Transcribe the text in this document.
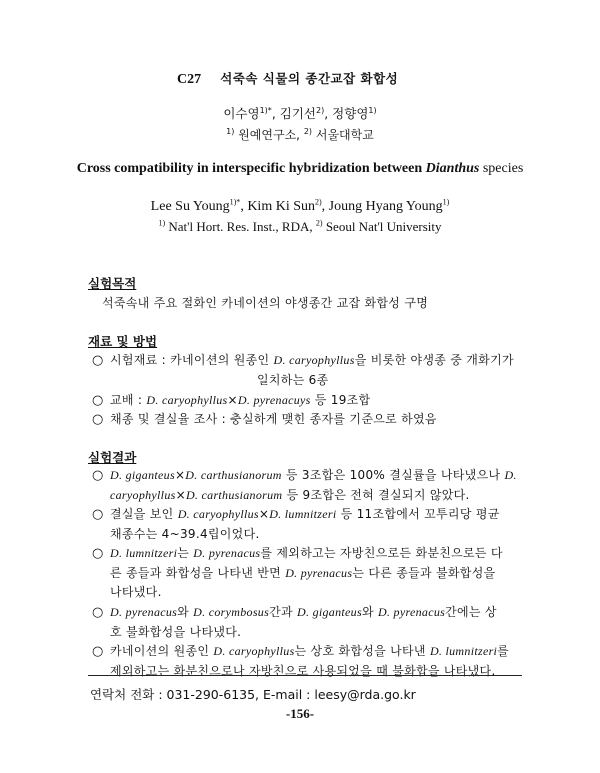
C27 석죽속 식물의 종간교잡 화합성
이수영$^{1)*}$, 김기선$^{2)}$, 정향영$^{1)}$
$^{1)}$ 원예연구소, $^{2)}$ 서울대학교
Cross compatibility in interspecific hybridization between Dianthus species
Lee Su Young$^{1)*}$, Kim Ki Sun$^{2)}$, Joung Hyang Young$^{1)}$
$^{1)}$ Nat'l Hort. Res. Inst., RDA, $^{2)}$ Seoul Nat'l University
실험목적
석죽속내 주요 절화인 카네이션의 야생종간 교잡 화합성 구명
재료 및 방법
○ 시험재료 : 카네이션의 원종인 D. caryophyllus을 비롯한 야생종 중 개화기가
일치하는 6종
○ 교배 : D. caryophyllus×D. pyrenacuys 등 19조합
○ 채종 및 결실율 조사 : 충실하게 맺힌 종자를 기준으로 하였음
실험결과
○ D. giganteus×D. carthusianorum 등 3조합은 100% 결실률을 나타냈으나 D.
caryophyllus×D. carthusianorum 등 9조합은 전혀 결실되지 않았다.
○ 결실을 보인 D. caryophyllus×D. lumnitzeri 등 11조합에서 꼬투리당 평균
채종수는 4~39.4립이었다.
○ D. lumnitzeri는 D. pyrenacus를 제외하고는 자방친으로든 화분친으로든 다
른 종들과 화합성을 나타낸 반면 D. pyrenacus는 다른 종들과 불화합성을
나타냈다.
○ D. pyrenacus와 D. corymbosus간과 D. giganteus와 D. pyrenacus간에는 상
호 불화합성을 나타냈다.
○ 카네이션의 원종인 D. caryophyllus는 상호 화합성을 나타낸 D. lumnitzeri를
제외하고는 화분친으로나 자방친으로 사용되었을 때 불화합을 나타냈다.
연락처 전화 : 031-290-6135, E-mail : leesy@rda.go.kr
-156-
